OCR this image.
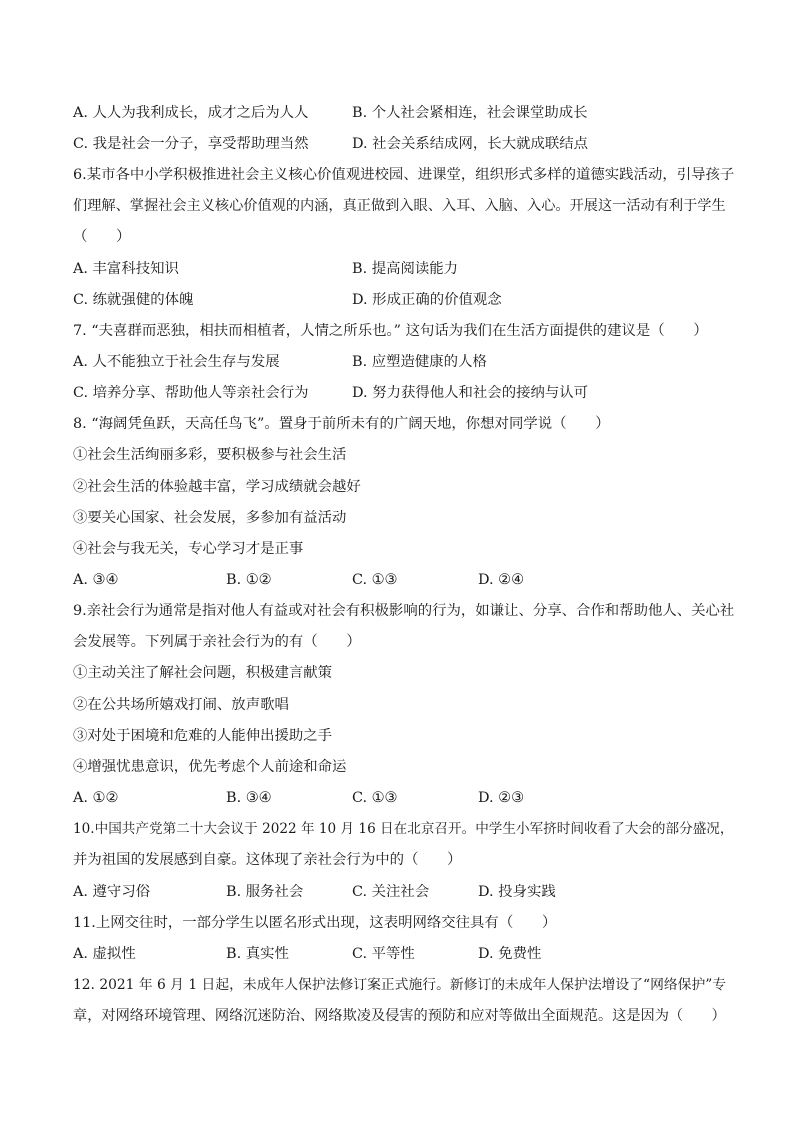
A. 人人为我利成长，成才之后为人人	B. 个人社会紧相连，社会课堂助成长
C. 我是社会一分子，享受帮助理当然	D. 社会关系结成网，长大就成联结点
6.某市各中小学积极推进社会主义核心价值观进校园、进课堂，组织形式多样的道德实践活动，引导孩子
们理解、掌握社会主义核心价值观的内涵，真正做到入眼、入耳、入脑、入心。开展这一活动有利于学生
（　　）
A. 丰富科技知识	B. 提高阅读能力
C. 练就强健的体魄	D. 形成正确的价值观念
7. “夫喜群而恶独，相扶而相植者，人情之所乐也。” 这句话为我们在生活方面提供的建议是（　　）
A. 人不能独立于社会生存与发展	B. 应塑造健康的人格
C. 培养分享、帮助他人等亲社会行为	D. 努力获得他人和社会的接纳与认可
8. “海阔凭鱼跃，天高任鸟飞”。置身于前所未有的广阔天地，你想对同学说（　　）
①社会生活绚丽多彩，要积极参与社会生活
②社会生活的体验越丰富，学习成绩就会越好
③要关心国家、社会发展，多参加有益活动
④社会与我无关，专心学习才是正事
A. ③④	B. ①②	C. ①③	D. ②④
9.亲社会行为通常是指对他人有益或对社会有积极影响的行为，如谦让、分享、合作和帮助他人、关心社
会发展等。下列属于亲社会行为的有（　　）
①主动关注了解社会问题，积极建言献策
②在公共场所嬉戏打闹、放声歌唱
③对处于困境和危难的人能伸出援助之手
④增强忧患意识，优先考虑个人前途和命运
A. ①②	B. ③④	C. ①③	D. ②③
10.中国共产党第二十大会议于 2022 年 10 月 16 日在北京召开。中学生小军挤时间收看了大会的部分盛况，
并为祖国的发展感到自豪。这体现了亲社会行为中的（　　）
A. 遵守习俗	B. 服务社会	C. 关注社会	D. 投身实践
11.上网交往时，一部分学生以匿名形式出现，这表明网络交往具有（　　）
A. 虚拟性	B. 真实性	C. 平等性	D. 免费性
12. 2021 年 6 月 1 日起，未成年人保护法修订案正式施行。新修订的未成年人保护法增设了“网络保护”专
章，对网络环境管理、网络沉迷防治、网络欺凌及侵害的预防和应对等做出全面规范。这是因为（　　）
